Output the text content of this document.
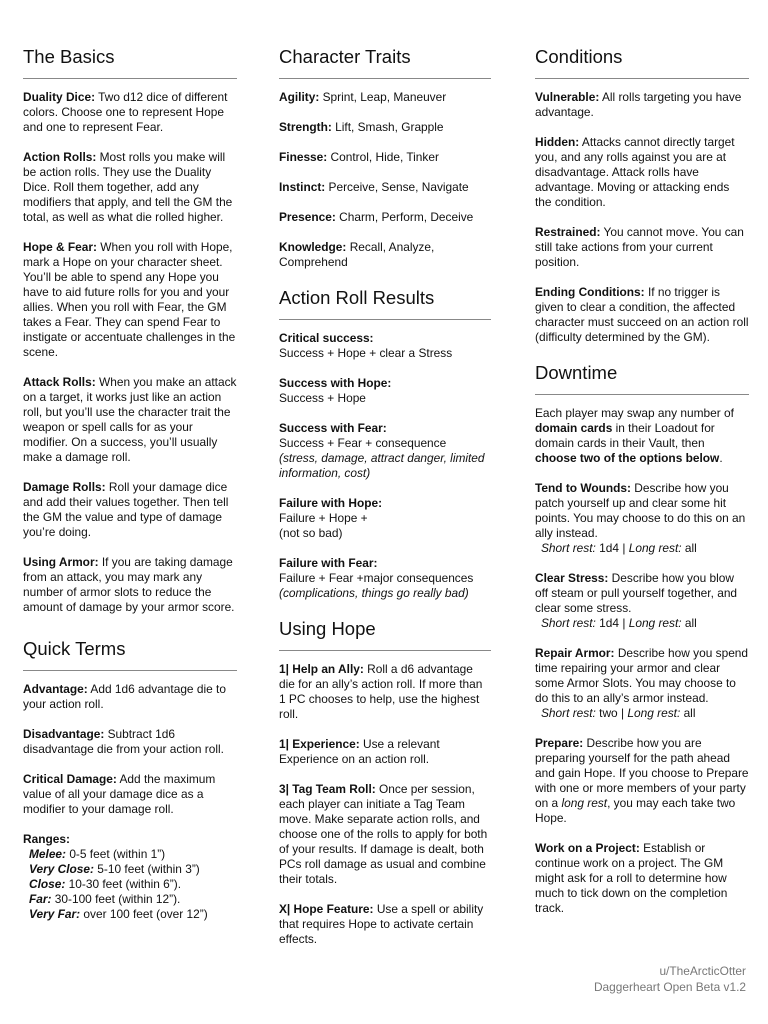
The Basics

Duality Dice: Two d12 dice of different colors. Choose one to represent Hope and one to represent Fear.

Action Rolls: Most rolls you make will be action rolls. They use the Duality Dice. Roll them together, add any modifiers that apply, and tell the GM the total, as well as what die rolled higher.

Hope & Fear: When you roll with Hope, mark a Hope on your character sheet. You’ll be able to spend any Hope you have to aid future rolls for you and your allies. When you roll with Fear, the GM takes a Fear. They can spend Fear to instigate or accentuate challenges in the scene.

Attack Rolls: When you make an attack on a target, it works just like an action roll, but you’ll use the character trait the weapon or spell calls for as your modifier. On a success, you’ll usually make a damage roll.

Damage Rolls: Roll your damage dice and add their values together. Then tell the GM the value and type of damage you’re doing.

Using Armor: If you are taking damage from an attack, you may mark any number of armor slots to reduce the amount of damage by your armor score.

Quick Terms

Advantage: Add 1d6 advantage die to your action roll.

Disadvantage: Subtract 1d6 disadvantage die from your action roll.

Critical Damage: Add the maximum value of all your damage dice as a modifier to your damage roll.

Ranges:
Melee: 0-5 feet (within 1”)
Very Close: 5-10 feet (within 3”)
Close: 10-30 feet (within 6”).
Far: 30-100 feet (within 12”).
Very Far: over 100 feet (over 12”)

Character Traits

Agility: Sprint, Leap, Maneuver

Strength: Lift, Smash, Grapple

Finesse: Control, Hide, Tinker

Instinct: Perceive, Sense, Navigate

Presence: Charm, Perform, Deceive

Knowledge: Recall, Analyze, Comprehend

Action Roll Results

Critical success:
Success + Hope + clear a Stress

Success with Hope:
Success + Hope

Success with Fear:
Success + Fear + consequence
(stress, damage, attract danger, limited information, cost)

Failure with Hope:
Failure + Hope +
(not so bad)

Failure with Fear:
Failure + Fear +major consequences
(complications, things go really bad)

Using Hope

1| Help an Ally: Roll a d6 advantage die for an ally’s action roll. If more than 1 PC chooses to help, use the highest roll.

1| Experience: Use a relevant Experience on an action roll.

3| Tag Team Roll: Once per session, each player can initiate a Tag Team move. Make separate action rolls, and choose one of the rolls to apply for both of your results. If damage is dealt, both PCs roll damage as usual and combine their totals.

X| Hope Feature: Use a spell or ability that requires Hope to activate certain effects.

Conditions

Vulnerable: All rolls targeting you have advantage.

Hidden: Attacks cannot directly target you, and any rolls against you are at disadvantage. Attack rolls have advantage. Moving or attacking ends the condition.

Restrained: You cannot move. You can still take actions from your current position.

Ending Conditions: If no trigger is given to clear a condition, the affected character must succeed on an action roll (difficulty determined by the GM).

Downtime

Each player may swap any number of domain cards in their Loadout for domain cards in their Vault, then choose two of the options below.

Tend to Wounds: Describe how you patch yourself up and clear some hit points. You may choose to do this on an ally instead.
Short rest: 1d4 | Long rest: all

Clear Stress: Describe how you blow off steam or pull yourself together, and clear some stress.
Short rest: 1d4 | Long rest: all

Repair Armor: Describe how you spend time repairing your armor and clear some Armor Slots. You may choose to do this to an ally’s armor instead.
Short rest: two | Long rest: all

Prepare: Describe how you are preparing yourself for the path ahead and gain Hope. If you choose to Prepare with one or more members of your party on a long rest, you may each take two Hope.

Work on a Project: Establish or continue work on a project. The GM might ask for a roll to determine how much to tick down on the completion track.

u/TheArcticOtter
Daggerheart Open Beta v1.2
